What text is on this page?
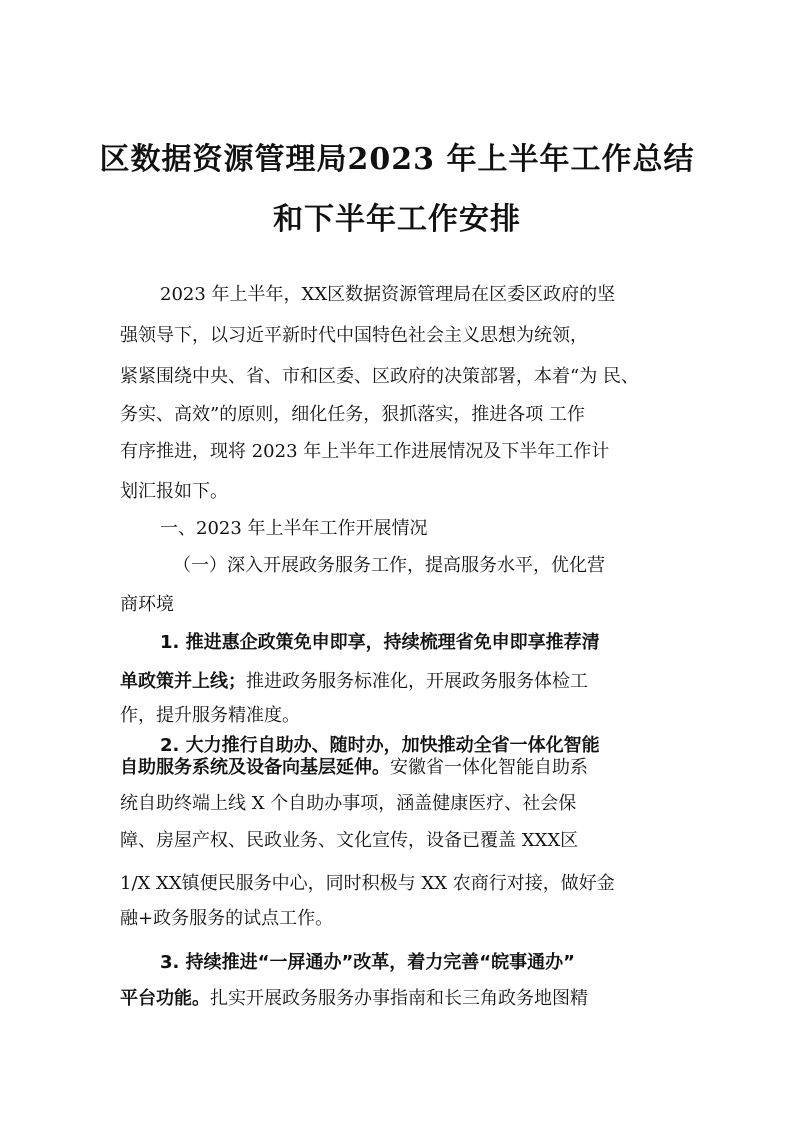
区数据资源管理局2023 年上半年工作总结
和下半年工作安排
2023 年上半年，XX区数据资源管理局在区委区政府的坚
强领导下，以习近平新时代中国特色社会主义思想为统领，
紧紧围绕中央、省、市和区委、区政府的决策部署，本着“为 民、
务实、高效”的原则，细化任务，狠抓落实，推进各项 工作
有序推进，现将 2023 年上半年工作进展情况及下半年工作计
划汇报如下。
一、2023 年上半年工作开展情况
（一）深入开展政务服务工作，提高服务水平，优化营
商环境
1. 推进惠企政策免申即享，持续梳理省免申即享推荐清
单政策并上线；推进政务服务标准化，开展政务服务体检工
作，提升服务精准度。
2. 大力推行自助办、随时办，加快推动全省一体化智能
自助服务系统及设备向基层延伸。安徽省一体化智能自助系
统自助终端上线 X 个自助办事项，涵盖健康医疗、社会保
障、房屋产权、民政业务、文化宣传，设备已覆盖 XXX区
1/X XX镇便民服务中心，同时积极与 XX 农商行对接，做好金
融+政务服务的试点工作。
3. 持续推进“一屏通办”改革，着力完善“皖事通办”
平台功能。扎实开展政务服务办事指南和长三角政务地图精
